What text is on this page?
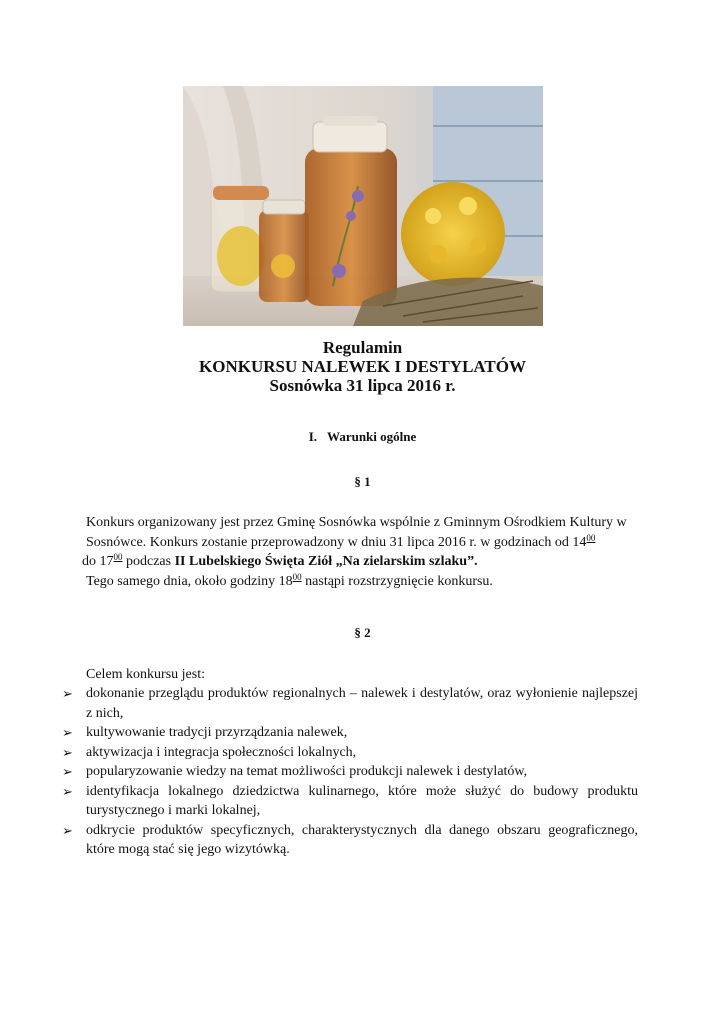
Regulamin
KONKURSU NALEWEK I DESTYLATÓW
Sosnówka 31 lipca 2016 r.
I. Warunki ogólne
§ 1
Konkurs organizowany jest przez Gminę Sosnówka wspólnie z Gminnym Ośrodkiem Kultury w Sosnówce. Konkurs zostanie przeprowadzony w dniu 31 lipca 2016 r. w godzinach od $14^{00}$
do $17^{00}$ podczas II Lubelskiego Święta Ziół „Na zielarskim szlaku”.
Tego samego dnia, około godziny $18^{00}$ nastąpi rozstrzygnięcie konkursu.
§ 2
Celem konkursu jest:
➢ dokonanie przeglądu produktów regionalnych – nalewek i destylatów, oraz wyłonienie najlepszej z nich,
➢ kultywowanie tradycji przyrządzania nalewek,
➢ aktywizacja i integracja społeczności lokalnych,
➢ popularyzowanie wiedzy na temat możliwości produkcji nalewek i destylatów,
➢ identyfikacja lokalnego dziedzictwa kulinarnego, które może służyć do budowy produktu turystycznego i marki lokalnej,
➢ odkrycie produktów specyficznych, charakterystycznych dla danego obszaru geograficznego, które mogą stać się jego wizytówką.
